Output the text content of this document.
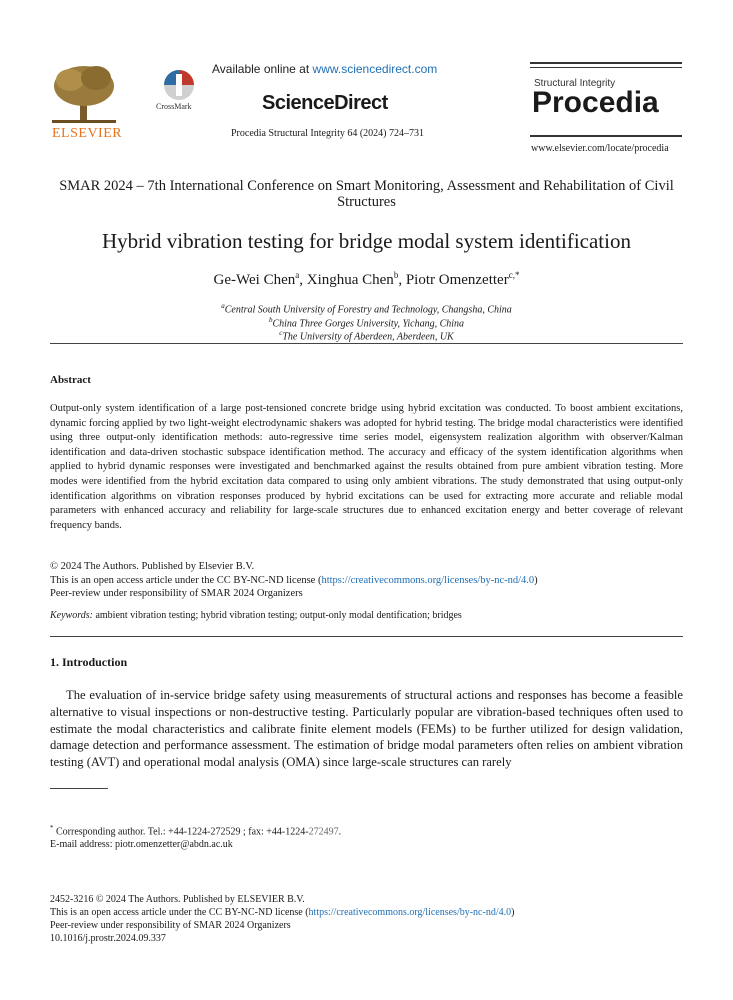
ELSEVIER
CrossMark
Available online at www.sciencedirect.com
ScienceDirect
Procedia Structural Integrity 64 (2024) 724–731
Structural Integrity
Procedia
www.elsevier.com/locate/procedia
SMAR 2024 – 7th International Conference on Smart Monitoring, Assessment and Rehabilitation of Civil Structures
Hybrid vibration testing for bridge modal system identification
Ge-Wei Chen$^a$, Xinghua Chen$^b$, Piotr Omenzetter$^{c,*}$
$^a$Central South University of Forestry and Technology, Changsha, China
$^b$China Three Gorges University, Yichang, China
$^c$The University of Aberdeen, Aberdeen, UK
Abstract
Output-only system identification of a large post-tensioned concrete bridge using hybrid excitation was conducted. To boost ambient excitations, dynamic forcing applied by two light-weight electrodynamic shakers was adopted for hybrid testing. The bridge modal characteristics were identified using three output-only identification methods: auto-regressive time series model, eigensystem realization algorithm with observer/Kalman identification and data-driven stochastic subspace identification method. The accuracy and efficacy of the system identification algorithms when applied to hybrid dynamic responses were investigated and benchmarked against the results obtained from pure ambient vibration testing. More modes were identified from the hybrid excitation data compared to using only ambient vibrations. The study demonstrated that using output-only identification algorithms on vibration responses produced by hybrid excitations can be used for extracting more accurate and reliable modal parameters with enhanced accuracy and reliability for large-scale structures due to enhanced excitation energy and better coverage of relevant frequency bands.
© 2024 The Authors. Published by Elsevier B.V.
This is an open access article under the CC BY-NC-ND license (https://creativecommons.org/licenses/by-nc-nd/4.0)
Peer-review under responsibility of SMAR 2024 Organizers
Keywords: ambient vibration testing; hybrid vibration testing; output-only modal dentification; bridges
1. Introduction

The evaluation of in-service bridge safety using measurements of structural actions and responses has become a feasible alternative to visual inspections or non-destructive testing. Particularly popular are vibration-based techniques often used to estimate the modal characteristics and calibrate finite element models (FEMs) to be further utilized for design validation, damage detection and performance assessment. The estimation of bridge modal parameters often relies on ambient vibration testing (AVT) and operational modal analysis (OMA) since large-scale structures can rarely

* Corresponding author. Tel.: +44-1224-272529 ; fax: +44-1224-272497.
E-mail address: piotr.omenzetter@abdn.ac.uk
2452-3216 © 2024 The Authors. Published by ELSEVIER B.V.
This is an open access article under the CC BY-NC-ND license (https://creativecommons.org/licenses/by-nc-nd/4.0)
Peer-review under responsibility of SMAR 2024 Organizers
10.1016/j.prostr.2024.09.337
